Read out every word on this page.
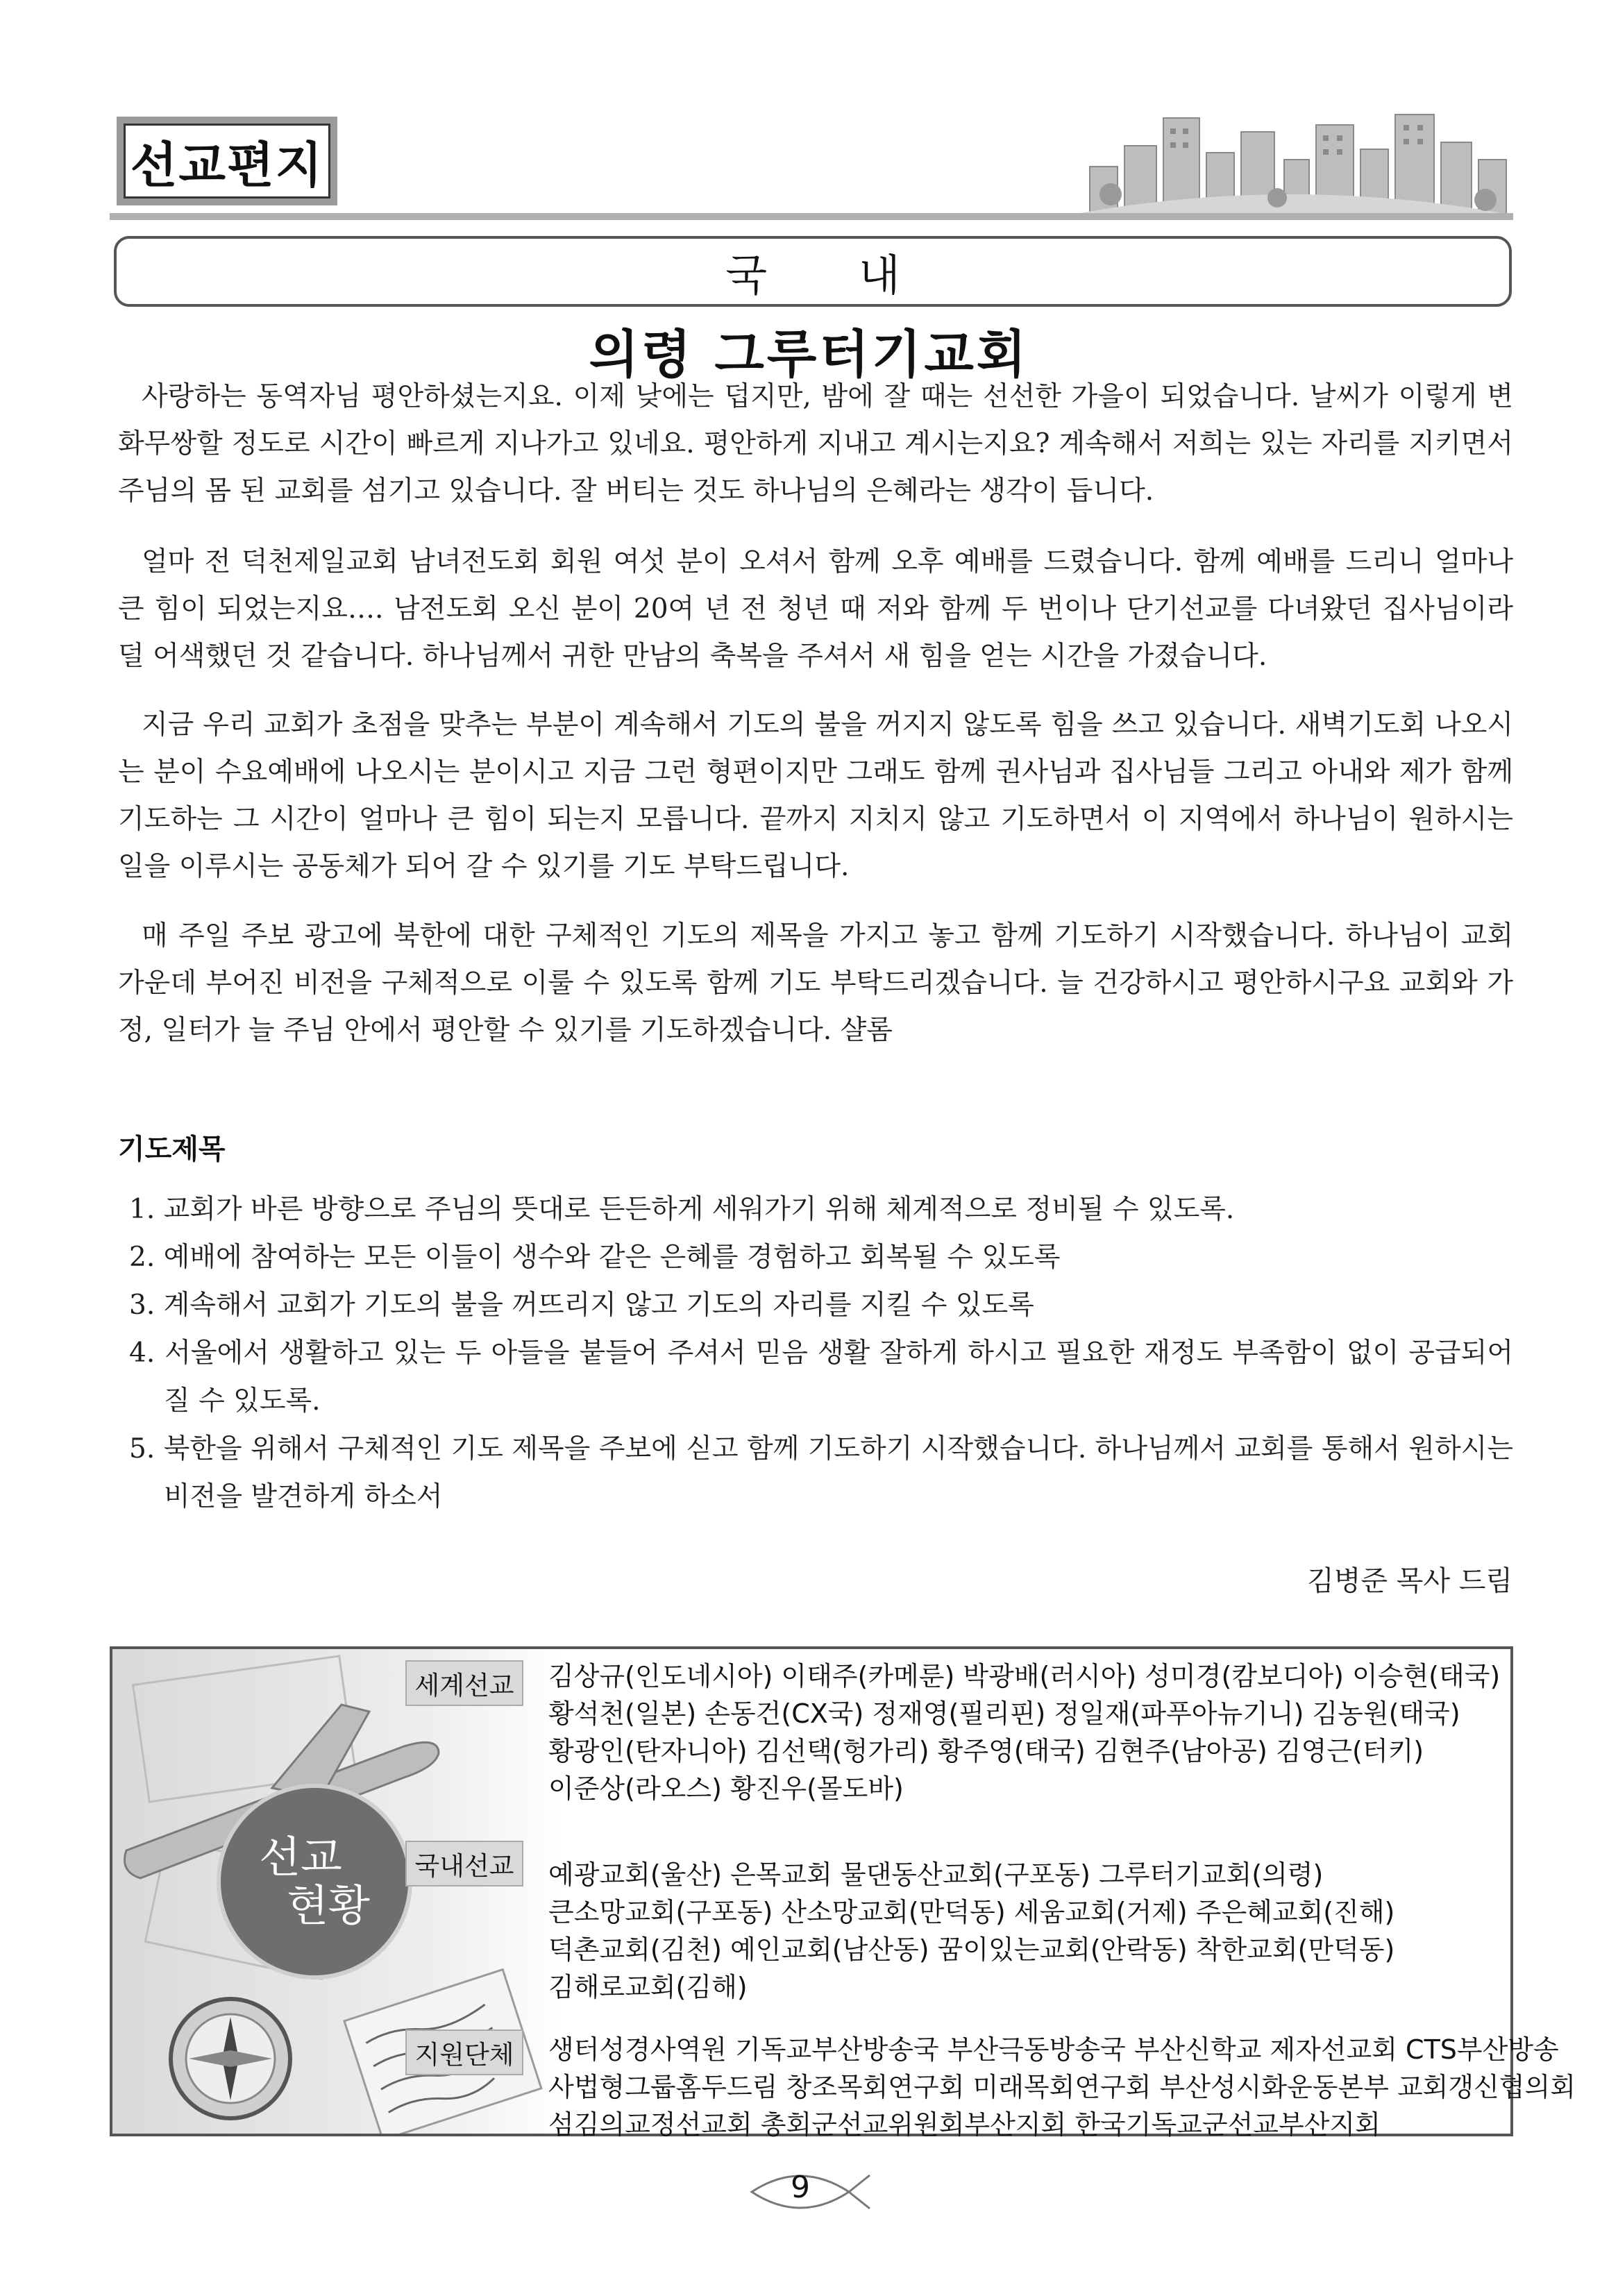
선교편지
국 내
의령 그루터기교회

사랑하는 동역자님 평안하셨는지요. 이제 낮에는 덥지만, 밤에 잘 때는 선선한 가을이 되었습니다. 날씨가 이렇게 변화무쌍할 정도로 시간이 빠르게 지나가고 있네요. 평안하게 지내고 계시는지요? 계속해서 저희는 있는 자리를 지키면서 주님의 몸 된 교회를 섬기고 있습니다. 잘 버티는 것도 하나님의 은혜라는 생각이 듭니다.

얼마 전 덕천제일교회 남녀전도회 회원 여섯 분이 오셔서 함께 오후 예배를 드렸습니다. 함께 예배를 드리니 얼마나 큰 힘이 되었는지요…. 남전도회 오신 분이 20여 년 전 청년 때 저와 함께 두 번이나 단기선교를 다녀왔던 집사님이라 덜 어색했던 것 같습니다. 하나님께서 귀한 만남의 축복을 주셔서 새 힘을 얻는 시간을 가졌습니다.

지금 우리 교회가 초점을 맞추는 부분이 계속해서 기도의 불을 꺼지지 않도록 힘을 쓰고 있습니다. 새벽기도회 나오시는 분이 수요예배에 나오시는 분이시고 지금 그런 형편이지만 그래도 함께 권사님과 집사님들 그리고 아내와 제가 함께 기도하는 그 시간이 얼마나 큰 힘이 되는지 모릅니다. 끝까지 지치지 않고 기도하면서 이 지역에서 하나님이 원하시는 일을 이루시는 공동체가 되어 갈 수 있기를 기도 부탁드립니다.

매 주일 주보 광고에 북한에 대한 구체적인 기도의 제목을 가지고 놓고 함께 기도하기 시작했습니다. 하나님이 교회 가운데 부어진 비전을 구체적으로 이룰 수 있도록 함께 기도 부탁드리겠습니다. 늘 건강하시고 평안하시구요 교회와 가정, 일터가 늘 주님 안에서 평안할 수 있기를 기도하겠습니다. 샬롬

기도제목
1. 교회가 바른 방향으로 주님의 뜻대로 든든하게 세워가기 위해 체계적으로 정비될 수 있도록.
2. 예배에 참여하는 모든 이들이 생수와 같은 은혜를 경험하고 회복될 수 있도록
3. 계속해서 교회가 기도의 불을 꺼뜨리지 않고 기도의 자리를 지킬 수 있도록
4. 서울에서 생활하고 있는 두 아들을 붙들어 주셔서 믿음 생활 잘하게 하시고 필요한 재정도 부족함이 없이 공급되어 질 수 있도록.
5. 북한을 위해서 구체적인 기도 제목을 주보에 싣고 함께 기도하기 시작했습니다. 하나님께서 교회를 통해서 원하시는 비전을 발견하게 하소서
김병준 목사 드림
선교
현황
세계선교	김상규(인도네시아) 이태주(카메룬) 박광배(러시아) 성미경(캄보디아) 이승현(태국)
황석천(일본) 손동건(CX국) 정재영(필리핀) 정일재(파푸아뉴기니) 김농원(태국)
황광인(탄자니아) 김선택(헝가리) 황주영(태국) 김현주(남아공) 김영근(터키)
이준상(라오스) 황진우(몰도바)
국내선교	예광교회(울산) 은목교회 물댄동산교회(구포동) 그루터기교회(의령)
큰소망교회(구포동) 산소망교회(만덕동) 세움교회(거제) 주은혜교회(진해)
덕촌교회(김천) 예인교회(남산동) 꿈이있는교회(안락동) 착한교회(만덕동)
김해로교회(김해)
지원단체	생터성경사역원 기독교부산방송국 부산극동방송국 부산신학교 제자선교회 CTS부산방송
사법형그룹홈두드림 창조목회연구회 미래목회연구회 부산성시화운동본부 교회갱신협의회
섬김의교정선교회 총회군선교위원회부산지회 한국기독교군선교부산지회
9
